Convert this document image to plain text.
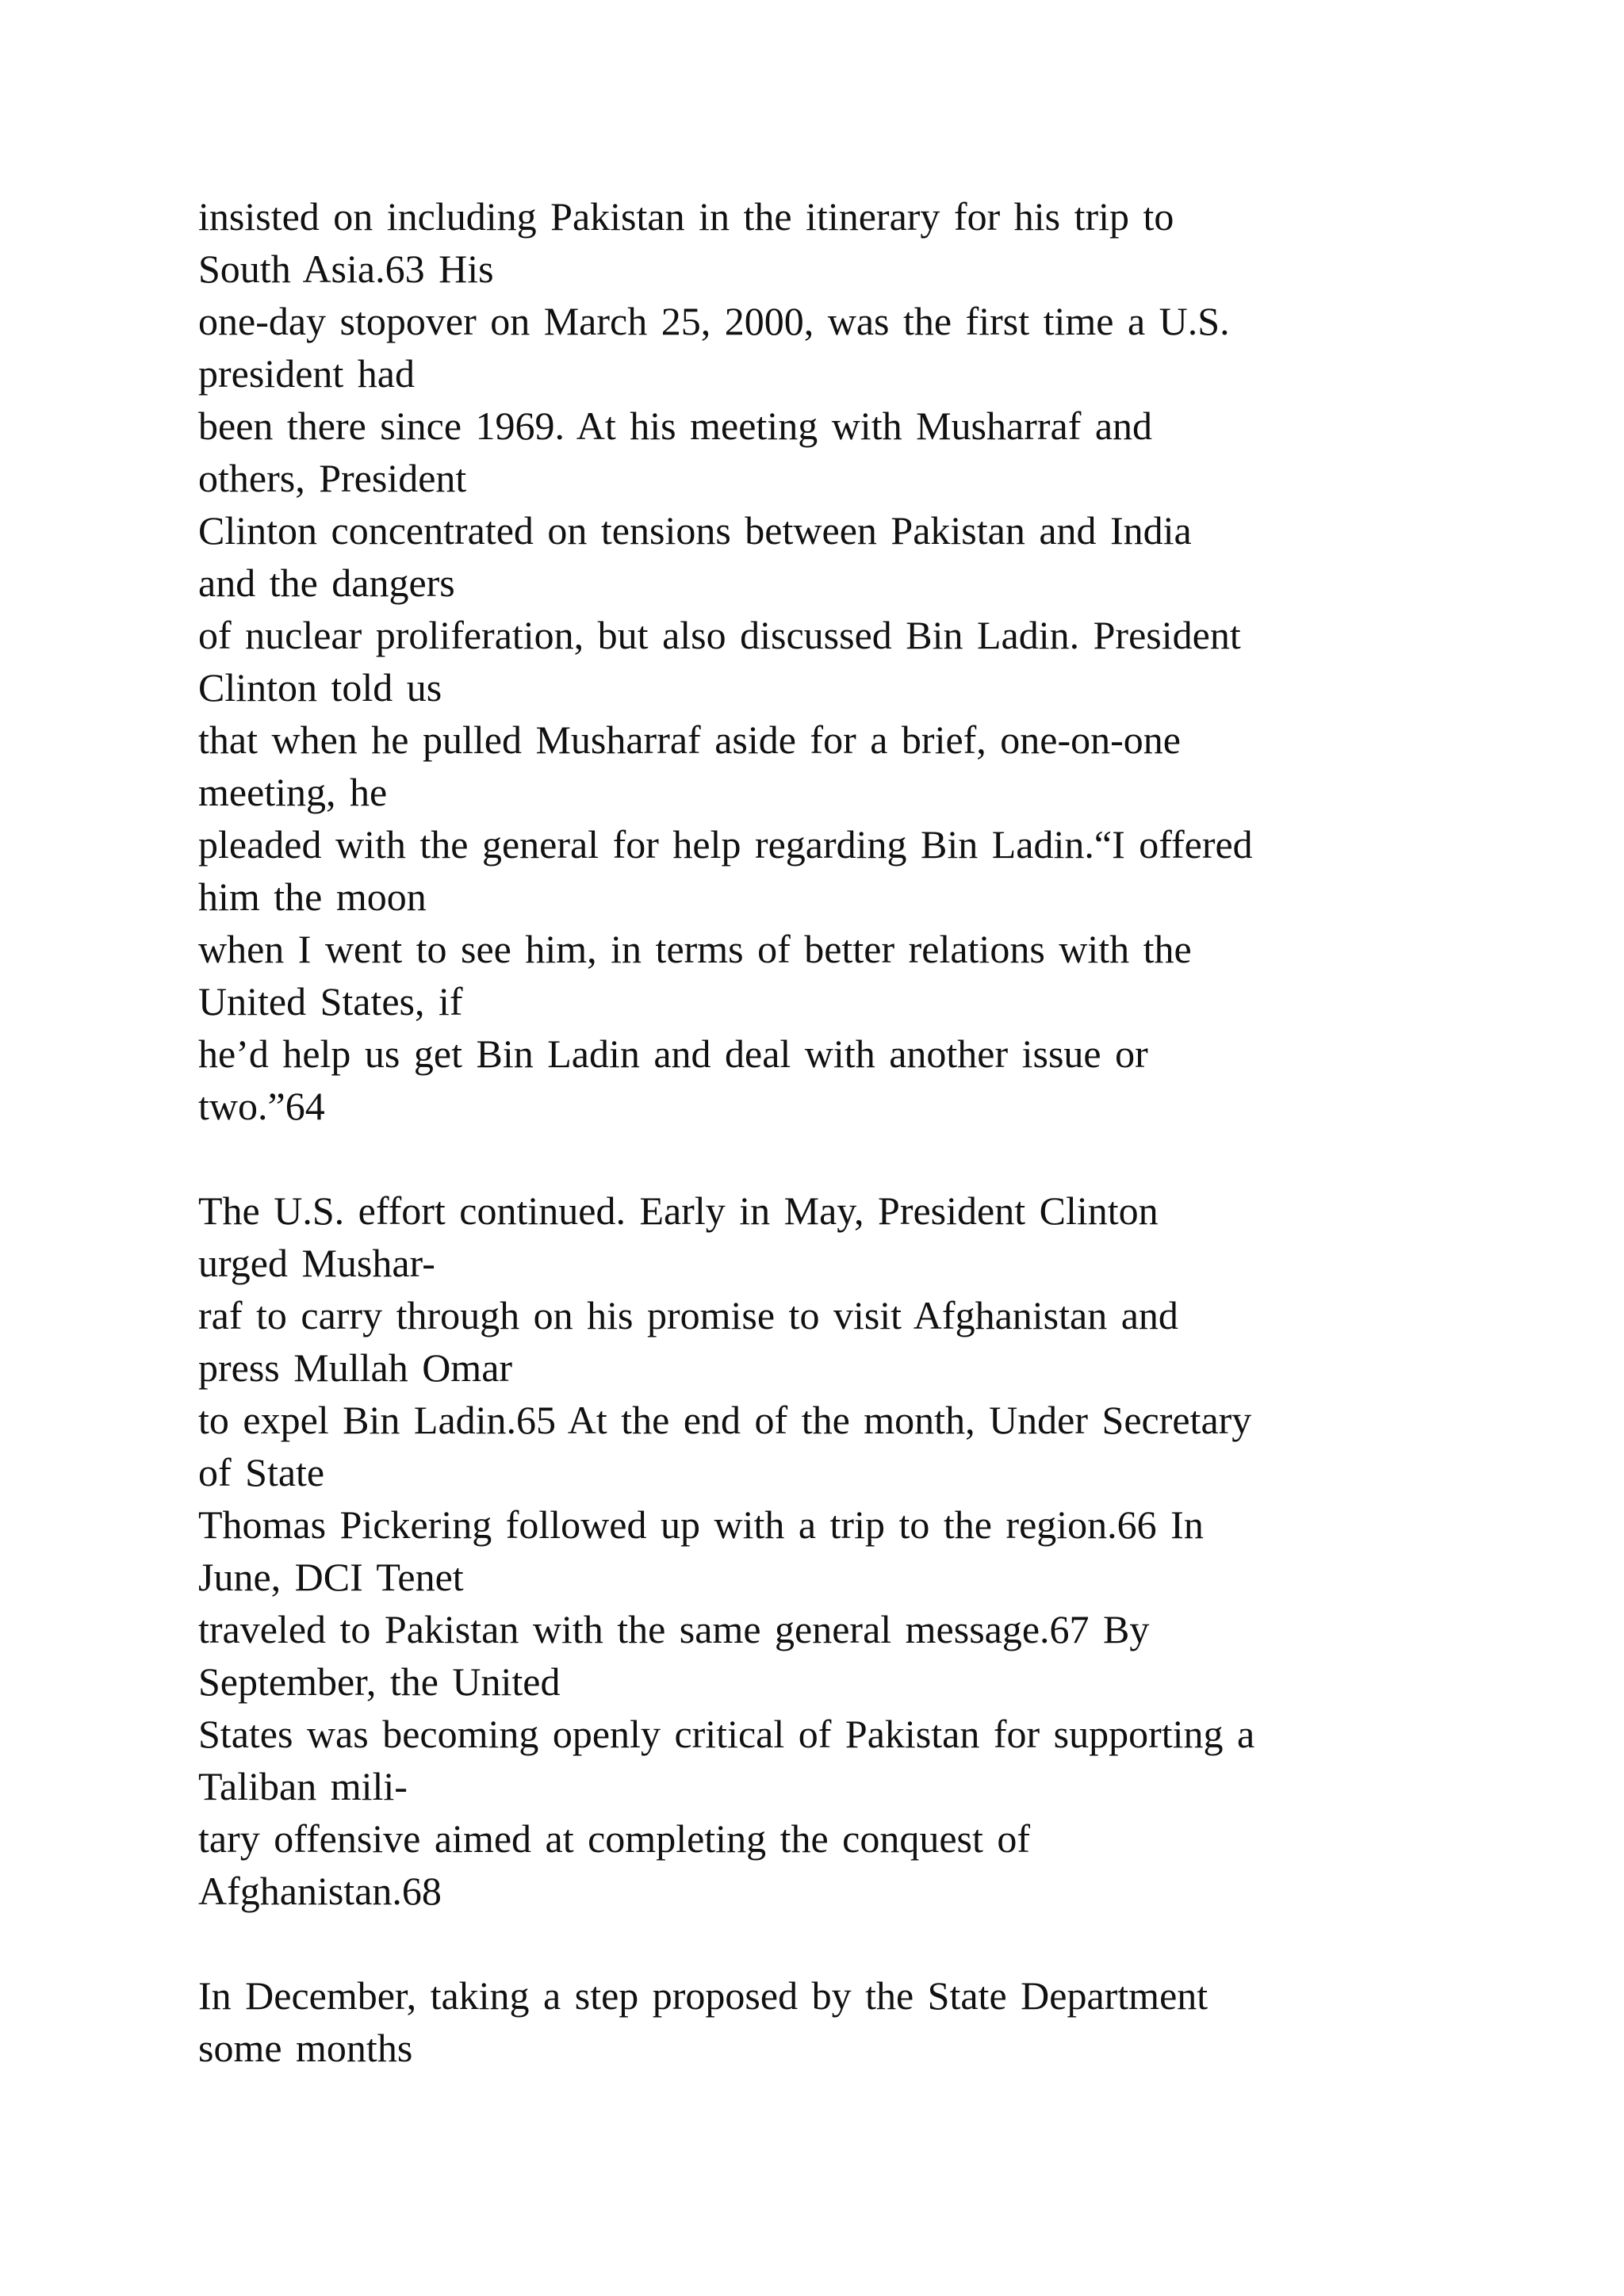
insisted on including Pakistan in the itinerary for his trip to
South Asia.63 His
one-day stopover on March 25, 2000, was the first time a U.S.
president had
been there since 1969. At his meeting with Musharraf and
others, President
Clinton concentrated on tensions between Pakistan and India
and the dangers
of nuclear proliferation, but also discussed Bin Ladin. President
Clinton told us
that when he pulled Musharraf aside for a brief, one-on-one
meeting, he
pleaded with the general for help regarding Bin Ladin.“I offered
him the moon
when I went to see him, in terms of better relations with the
United States, if
he’d help us get Bin Ladin and deal with another issue or
two.”64
The U.S. effort continued. Early in May, President Clinton
urged Mushar-
raf to carry through on his promise to visit Afghanistan and
press Mullah Omar
to expel Bin Ladin.65 At the end of the month, Under Secretary
of State
Thomas Pickering followed up with a trip to the region.66 In
June, DCI Tenet
traveled to Pakistan with the same general message.67 By
September, the United
States was becoming openly critical of Pakistan for supporting a
Taliban mili-
tary offensive aimed at completing the conquest of
Afghanistan.68
In December, taking a step proposed by the State Department
some months
